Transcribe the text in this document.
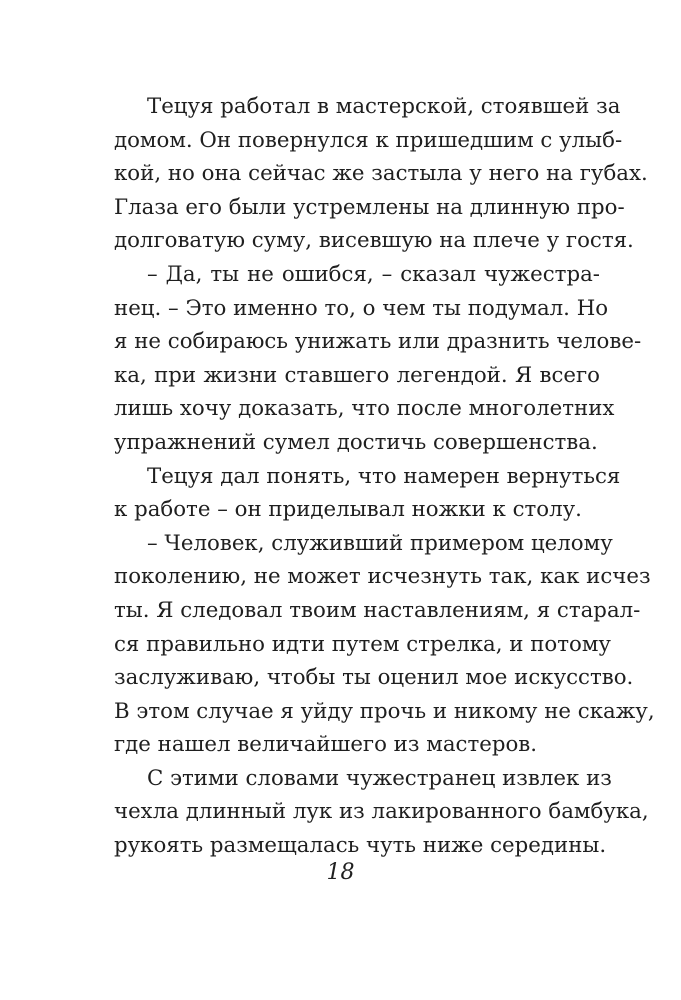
Тецуя работал в мастерской, стоявшей за
домом. Он повернулся к пришедшим с улыб-
кой, но она сейчас же застыла у него на губах.
Глаза его были устремлены на длинную про-
долговатую суму, висевшую на плече у гостя.

– Да, ты не ошибся, – сказал чужестра-
нец. – Это именно то, о чем ты подумал. Но
я не собираюсь унижать или дразнить челове-
ка, при жизни ставшего легендой. Я всего
лишь хочу доказать, что после многолетних
упражнений сумел достичь совершенства.

Тецуя дал понять, что намерен вернуться
к работе – он приделывал ножки к столу.

– Человек, служивший примером целому
поколению, не может исчезнуть так, как исчез
ты. Я следовал твоим наставлениям, я старал-
ся правильно идти путем стрелка, и потому
заслуживаю, чтобы ты оценил мое искусство.
В этом случае я уйду прочь и никому не скажу,
где нашел величайшего из мастеров.

С этими словами чужестранец извлек из
чехла длинный лук из лакированного бамбука,
рукоять размещалась чуть ниже середины.

18
